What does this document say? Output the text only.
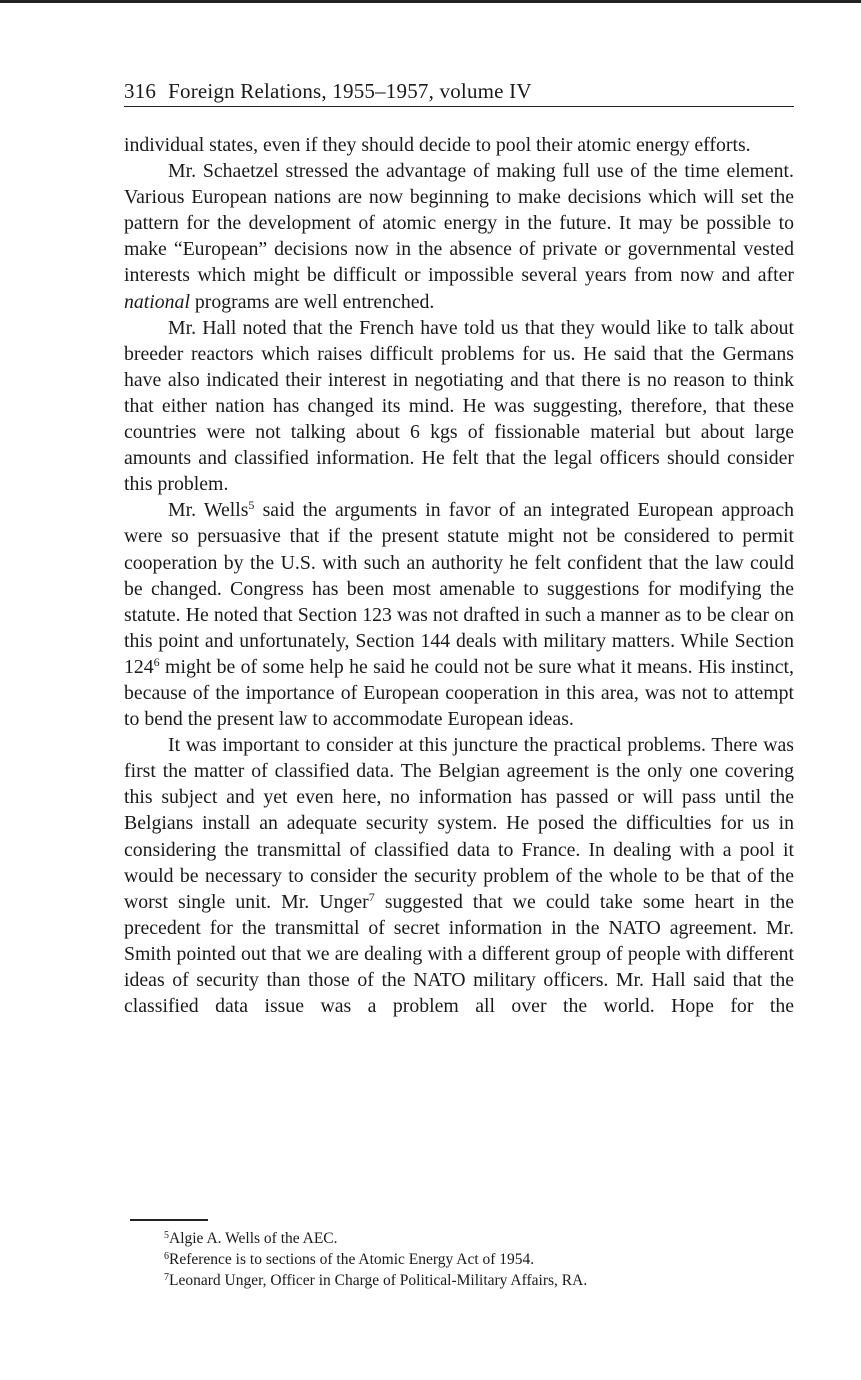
316 Foreign Relations, 1955–1957, volume IV

individual states, even if they should decide to pool their atomic energy efforts.

Mr. Schaetzel stressed the advantage of making full use of the time element. Various European nations are now beginning to make decisions which will set the pattern for the development of atomic energy in the future. It may be possible to make “European” decisions now in the absence of private or governmental vested interests which might be difficult or impossible several years from now and after national programs are well entrenched.

Mr. Hall noted that the French have told us that they would like to talk about breeder reactors which raises difficult problems for us. He said that the Germans have also indicated their interest in negotiating and that there is no reason to think that either nation has changed its mind. He was suggesting, therefore, that these countries were not talking about 6 kgs of fissionable material but about large amounts and classified information. He felt that the legal officers should consider this problem.

Mr. Wells$^5$ said the arguments in favor of an integrated European approach were so persuasive that if the present statute might not be considered to permit cooperation by the U.S. with such an authority he felt confident that the law could be changed. Congress has been most amenable to suggestions for modifying the statute. He noted that Section 123 was not drafted in such a manner as to be clear on this point and unfortunately, Section 144 deals with military matters. While Section $124^6$ might be of some help he said he could not be sure what it means. His instinct, because of the importance of European cooperation in this area, was not to attempt to bend the present law to accommodate European ideas.

It was important to consider at this juncture the practical problems. There was first the matter of classified data. The Belgian agreement is the only one covering this subject and yet even here, no information has passed or will pass until the Belgians install an adequate security system. He posed the difficulties for us in considering the transmittal of classified data to France. In dealing with a pool it would be necessary to consider the security problem of the whole to be that of the worst single unit. Mr. Unger$^7$ suggested that we could take some heart in the precedent for the transmittal of secret information in the NATO agreement. Mr. Smith pointed out that we are dealing with a different group of people with different ideas of security than those of the NATO military officers. Mr. Hall said that the classified data issue was a problem all over the world. Hope for the

$^5$Algie A. Wells of the AEC.
$^6$Reference is to sections of the Atomic Energy Act of 1954.
$^7$Leonard Unger, Officer in Charge of Political-Military Affairs, RA.
